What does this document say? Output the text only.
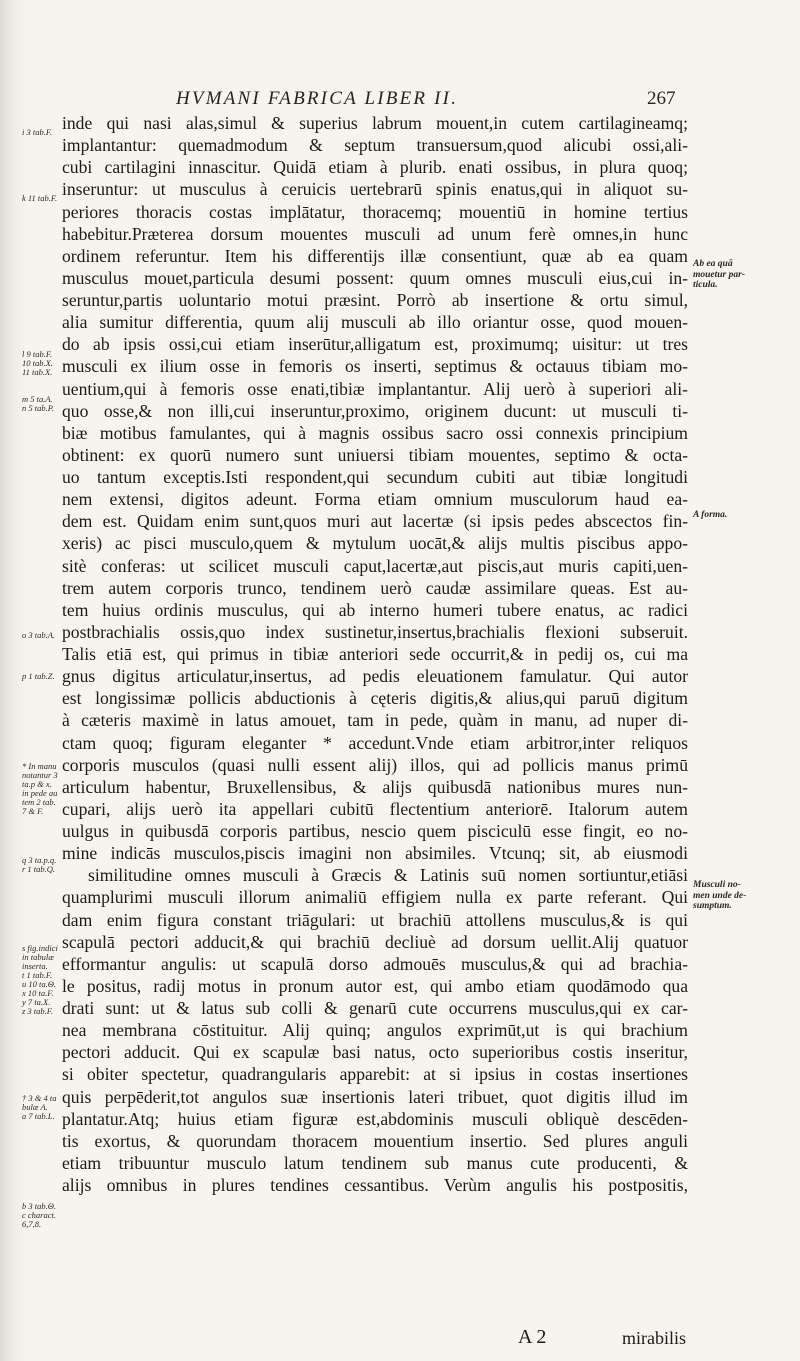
HVMANI FABRICA LIBER II.	267
inde qui nasi alas,simul & superius labrum mouent,in cutem cartilagineamq;
implantantur: quemadmodum & septum transuersum,quod alicubi ossi,ali-
cubi cartilagini innascitur. Quidā etiam à plurib. enati ossibus, in plura quoq;
inseruntur: ut musculus à ceruicis uertebrarū spinis enatus,qui in aliquot su-
periores thoracis costas implātatur, thoracemq; mouentiū in homine tertius
habebitur.Præterea dorsum mouentes musculi ad unum ferè omnes,in hunc
ordinem referuntur. Item his differentijs illæ consentiunt, quæ ab ea quam
musculus mouet,particula desumi possent: quum omnes musculi eius,cui in-
seruntur,partis uoluntario motui præsint. Porrò ab insertione & ortu simul,
alia sumitur differentia, quum alij musculi ab illo oriantur osse, quod mouen-
do ab ipsis ossi,cui etiam inserūtur,alligatum est, proximumq; uisitur: ut tres
musculi ex ilium osse in femoris os inserti, septimus & octauus tibiam mo-
uentium,qui à femoris osse enati,tibiæ implantantur. Alij uerò à superiori ali-
quo osse,& non illi,cui inseruntur,proximo, originem ducunt: ut musculi ti-
biæ motibus famulantes, qui à magnis ossibus sacro ossi connexis principium
obtinent: ex quorū numero sunt uniuersi tibiam mouentes, septimo & octa-
uo tantum exceptis.Isti respondent,qui secundum cubiti aut tibiæ longitudi
nem extensi, digitos adeunt. Forma etiam omnium musculorum haud ea-
dem est. Quidam enim sunt,quos muri aut lacertæ (si ipsis pedes abscectos fin-
xeris) ac pisci musculo,quem & mytulum uocāt,& alijs multis piscibus appo-
sitè conferas: ut scilicet musculi caput,lacertæ,aut piscis,aut muris capiti,uen-
trem autem corporis trunco, tendinem uerò caudæ assimilare queas. Est au-
tem huius ordinis musculus, qui ab interno humeri tubere enatus, ac radici
postbrachialis ossis,quo index sustinetur,insertus,brachialis flexioni subseruit.
Talis etiā est, qui primus in tibiæ anteriori sede occurrit,& in pedij os, cui ma
gnus digitus articulatur,insertus, ad pedis eleuationem famulatur. Qui autor
est longissimæ pollicis abductionis à cęteris digitis,& alius,qui paruū digitum
à cæteris maximè in latus amouet, tam in pede, quàm in manu, ad nuper di-
ctam quoq; figuram eleganter * accedunt.Vnde etiam arbitror,inter reliquos
corporis musculos (quasi nulli essent alij) illos, qui ad pollicis manus primū
articulum habentur, Bruxellensibus, & alijs quibusdā nationibus mures nun-
cupari, alijs uerò ita appellari cubitū flectentium anteriorē. Italorum autem
uulgus in quibusdā corporis partibus, nescio quem pisciculū esse fingit, eo no-
mine indicās musculos,piscis imagini non absimiles. Vtcunq; sit, ab eiusmodi
similitudine omnes musculi à Græcis & Latinis suū nomen sortiuntur,etiāsi
quamplurimi musculi illorum animaliū effigiem nulla ex parte referant. Qui
dam enim figura constant triāgulari: ut brachiū attollens musculus,& is qui
scapulā pectori adducit,& qui brachiū decliuè ad dorsum uellit.Alij quatuor
efformantur angulis: ut scapulā dorso admouēs musculus,& qui ad brachia-
le positus, radij motus in pronum autor est, qui ambo etiam quodāmodo qua
drati sunt: ut & latus sub colli & genarū cute occurrens musculus,qui ex car-
nea membrana cōstituitur. Alij quinq; angulos exprimūt,ut is qui brachium
pectori adducit. Qui ex scapulæ basi natus, octo superioribus costis inseritur,
si obiter spectetur, quadrangularis apparebit: at si ipsius in costas insertiones
quis perpēderit,tot angulos suæ insertionis lateri tribuet, quot digitis illud im
plantatur.Atq; huius etiam figuræ est,abdominis musculi obliquè descēden-
tis exortus, & quorundam thoracem mouentium insertio. Sed plures anguli
etiam tribuuntur musculo latum tendinem sub manus cute producenti, &
alijs omnibus in plures tendines cessantibus. Verùm angulis his postpositis,
i 3 tab.F.
k 11 tab.F.
l 9 tab.F.
10 tab.X.
11 tab.X.
m 5 ta.A.
n 5 tab.P.
o 3 tab.A.
p 1 tab.Z.
* In manu
notantur 3
ta.p & x.
in pede au
tem 2 tab.
7 & F.
q 3 ta.p.q.
r 1 tab.Q.
s fig.indici
in tabulæ
inserta.
t 1 tab.F.
u 10 ta.Θ.
x 10 ta.F.
y 7 ta.X.
z 3 tab.F.
† 3 & 4 ta
bulæ A.
a 7 tab.L.
b 3 tab.Θ.
c charact.
6,7,8.
Ab ea quā
mouetur par-
ticula.
A forma.
Musculi no-
men unde de-
sumptum.
A 2	mirabilis
